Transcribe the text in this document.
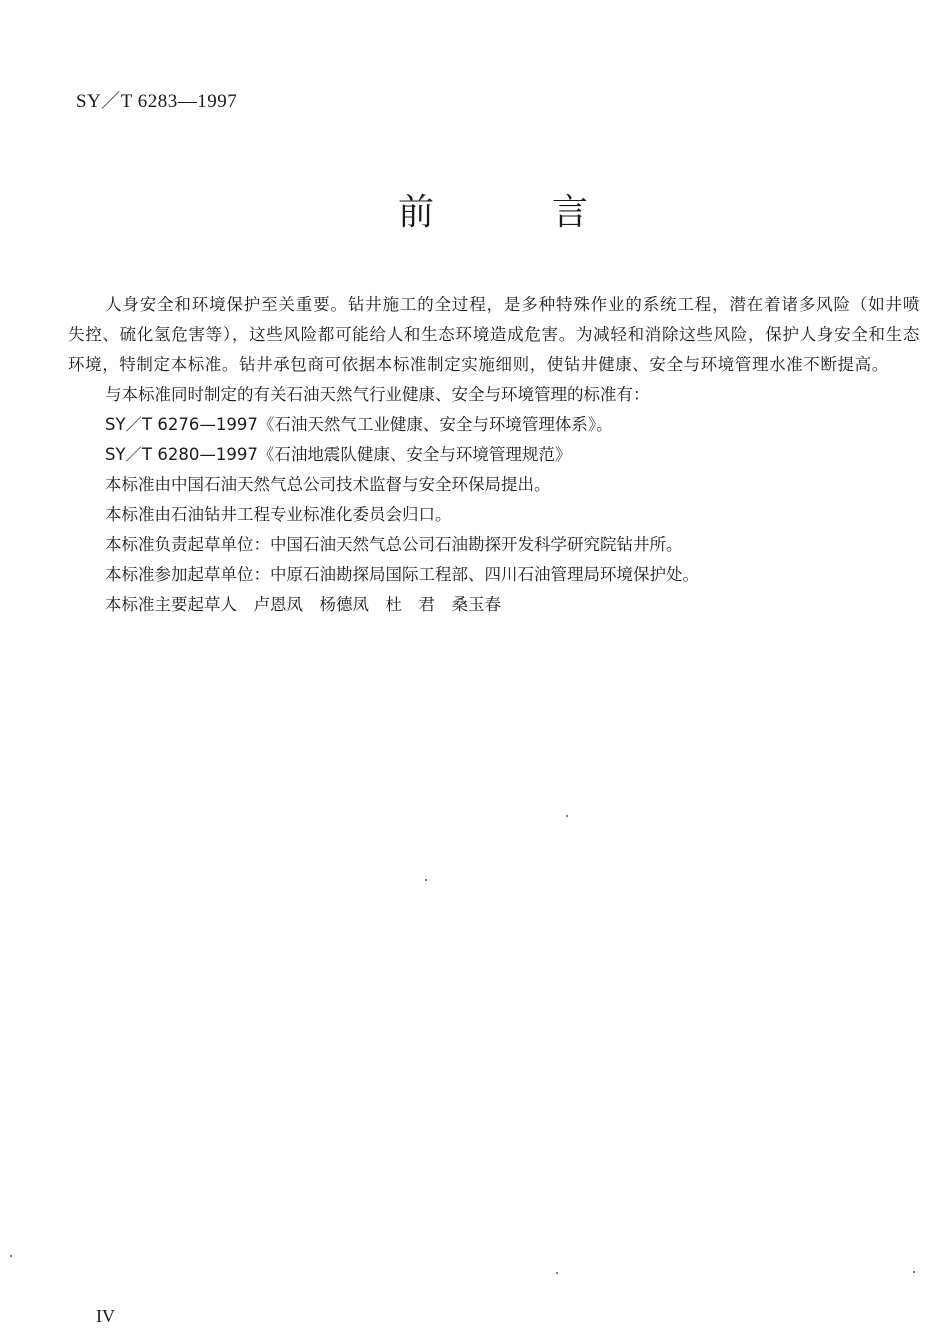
SY／T 6283—1997
前	言

人身安全和环境保护至关重要。钻井施工的全过程，是多种特殊作业的系统工程，潜在着诸多风险（如井喷失控、硫化氢危害等），这些风险都可能给人和生态环境造成危害。为减轻和消除这些风险，保护人身安全和生态环境，特制定本标准。钻井承包商可依据本标准制定实施细则，使钻井健康、安全与环境管理水准不断提高。

与本标准同时制定的有关石油天然气行业健康、安全与环境管理的标准有：

SY／T 6276—1997《石油天然气工业健康、安全与环境管理体系》。

SY／T 6280—1997《石油地震队健康、安全与环境管理规范》

本标准由中国石油天然气总公司技术监督与安全环保局提出。

本标准由石油钻井工程专业标准化委员会归口。

本标准负责起草单位：中国石油天然气总公司石油勘探开发科学研究院钻井所。

本标准参加起草单位：中原石油勘探局国际工程部、四川石油管理局环境保护处。

本标准主要起草人　卢恩凤　杨德凤　杜　君　桑玉春

IV
